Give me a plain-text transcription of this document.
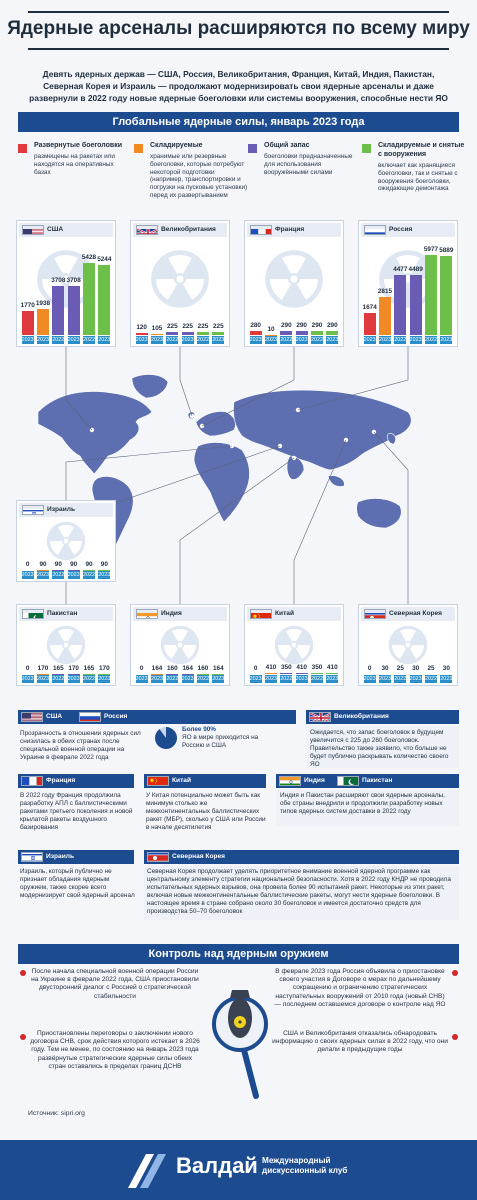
Ядерные арсеналы расширяются по всему миру
Девять ядерных держав — США, Россия, Великобритания, Франция, Китай, Индия, Пакистан, Северная Корея и Израиль — продолжают модернизировать свои ядерные арсеналы и даже развернули в 2022 году новые ядерные боеголовки или системы вооружения, способные нести ЯО
Глобальные ядерные силы, январь 2023 года
Развернутые боеголовки
размещены на ракетах или находятся на оперативных базах
Складируемые
хранимые или резервные боеголовки, которые потребуют некоторой подготовки (например, транспортировки и погрузки на пусковые установки) перед их развертыванием
Общий запас
боеголовки предназначенные для использования вооружёнными силами
Складируемые и снятые с вооружения
включает как хранящиеся боеголовки, так и снятые с вооружения боеголовки, ожидающие демонтажа
США
1770
2023
1938
2023
3708
2022
3708
2023
5428
2022
5244
2023
Великобритания
120
2023
105
2023
225
2022
225
2023
225
2022
225
2023
Франция
280
2023
10
2023
290
2022
290
2023
290
2022
290
2023
Россия
1674
2023
2815
2023
4477
2022
4489
2023
5977
2022
5889
2023
Израиль
0
2023
90
2023
90
2022
90
2023
90
2022
90
2023
Пакистан
0
2023
170
2023
165
2022
170
2023
165
2022
170
2023
Индия
0
2023
164
2023
160
2022
164
2023
160
2022
164
2023
Китай
0
2023
410
2023
350
2022
410
2023
350
2022
410
2023
Северная Корея
0
2023
30
2023
25
2022
30
2023
25
2022
30
2023
США	Россия
Прозрачность в отношении ядерных сил снизилась в обеих странах после специальной военной операции на Украине в феврале 2022 года
Более 90%
ЯО в мире приходится на Россию и США
Великобритания
Ожидается, что запас боеголовок в будущем увеличится с 225 до 260 боеголовок. Правительство также заявило, что больше не будет публично раскрывать количество своего ЯО
Франция
В 2022 году Франция продолжила разработку АПЛ с баллистическими ракетами третьего поколения и новой крылатой ракеты воздушного базирования
Китай
У Китая потенциально может быть как минимум столько же межконтинентальных баллистических ракет (МБР), сколько у США или России в начале десятилетия
Индия	Пакистан
Индия и Пакистан расширяют свои ядерные арсеналы, обе страны внедрили и продолжили разработку новых типов ядерных систем доставки в 2022 году
Израиль
Израиль, который публично не признает обладания ядерным оружием, также скорее всего модернизирует свой ядерный арсенал
Северная Корея
Северная Корея продолжает уделять приоритетное внимание военной ядерной программе как центральному элементу стратегии национальной безопасности. Хотя в 2022 году КНДР не проводила испытательных ядерных взрывов, она провела более 90 испытаний ракет. Некоторые из этих ракет, включая новые межконтинентальные баллистические ракеты, могут нести ядерные боеголовки. В настоящее время в стране собрано около 30 боеголовок и имеется достаточно средств для производства 50–70 боеголовок
Контроль над ядерным оружием
После начала специальной военной операции России на Украине в феврале 2022 года, США приостановили двусторонний диалог с Россией о стратегической стабильности
Приостановлены переговоры о заключении нового договора СНВ, срок действия которого истекает в 2026 году. Тем не менее, по состоянию на январь 2023 года развёрнутые стратегические ядерные силы обеих стран оставались в пределах границ ДСНВ
В феврале 2023 года Россия объявила о приостановке своего участия в Договоре о мерах по дальнейшему сокращению и ограничению стратегических наступательных вооружений от 2010 года (новый СНВ) — последнем оставшемся договоре о контроле над ЯО
США и Великобритания отказались обнародовать информацию о своих ядерных силах в 2022 году, что они делали в предыдущие годы
Источник: sipri.org
Валдай Международный
дискуссионный клуб
